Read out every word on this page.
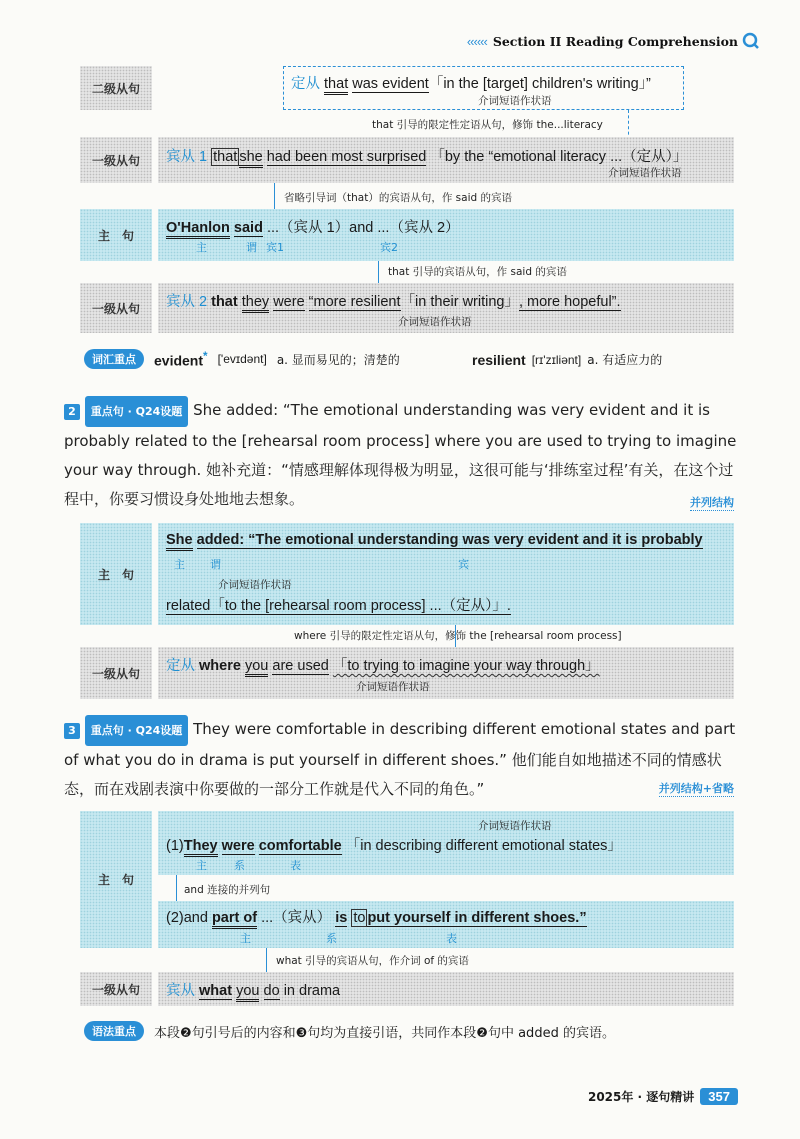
‹‹‹‹‹‹ Section II Reading Comprehension
二级从句	定从 that was evident「in the [target] children's writing」”
介词短语作状语
that 引导的限定性定语从句，修饰 the...literacy
一级从句	宾从 1 that she had been most surprised 「by the “emotional literacy ...（定从）」
介词短语作状语
省略引导词（that）的宾语从句，作 said 的宾语
主　句	O'Hanlon said ...（宾从 1）and ...（宾从 2）
主	谓 宾1	宾2
that 引导的宾语从句，作 said 的宾语
一级从句	宾从 2 that they were “more resilient「in their writing」, more hopeful”.
介词短语作状语
词汇重点	evident* ['evɪdənt] a. 显而易见的；清楚的	resilient [rɪ'zɪliənt] a. 有适应力的
2 重点句 · Q24设题 She added: “The emotional understanding was very evident and it is probably related to the [rehearsal room process] where you are used to trying to imagine your way through. 她补充道：“情感理解体现得极为明显，这很可能与‘排练室过程’有关，在这个过程中，你要习惯设身处地地去想象。	并列结构
主　句
She added: “The emotional understanding was very evident and it is probably
主 谓	宾
介词短语作状语
related「to the [rehearsal room process] ...（定从）」.
where 引导的限定性定语从句，修饰 the [rehearsal room process]
一级从句	定从 where you are used 「to trying to imagine your way through」
介词短语作状语
3 重点句 · Q24设题 They were comfortable in describing different emotional states and part of what you do in drama is put yourself in different shoes.” 他们能自如地描述不同的情感状态，而在戏剧表演中你要做的一部分工作就是代入不同的角色。”	并列结构+省略
主　句
介词短语作状语
(1)They were comfortable 「in describing different emotional states」
主 系	表
and 连接的并列句
(2)and part of ...（宾从） is to put yourself in different shoes.”
主	系	表
what 引导的宾语从句，作介词 of 的宾语
一级从句	宾从 what you do in drama
语法重点	本段❷句引号后的内容和❸句均为直接引语，共同作本段❷句中 added 的宾语。
2025年 · 逐句精讲	357
